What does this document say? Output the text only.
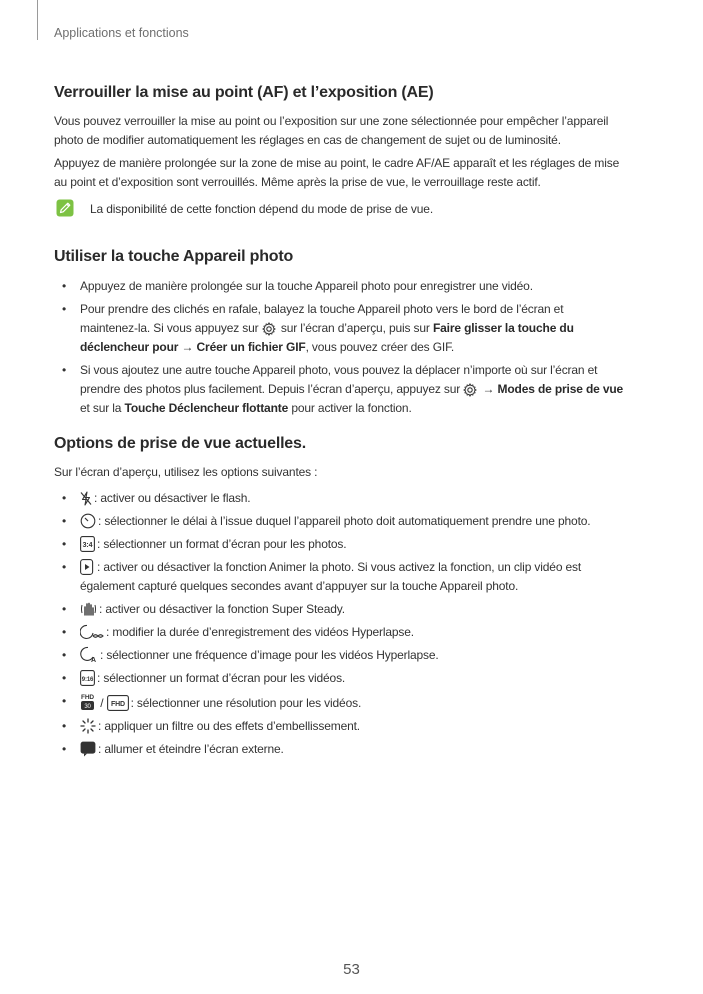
Applications et fonctions
Verrouiller la mise au point (AF) et l’exposition (AE)
Vous pouvez verrouiller la mise au point ou l’exposition sur une zone sélectionnée pour empêcher l’appareil
photo de modifier automatiquement les réglages en cas de changement de sujet ou de luminosité.
Appuyez de manière prolongée sur la zone de mise au point, le cadre AF/AE apparaît et les réglages de mise
au point et d’exposition sont verrouillés. Même après la prise de vue, le verrouillage reste actif.
La disponibilité de cette fonction dépend du mode de prise de vue.
Utiliser la touche Appareil photo
• Appuyez de manière prolongée sur la touche Appareil photo pour enregistrer une vidéo.
• Pour prendre des clichés en rafale, balayez la touche Appareil photo vers le bord de l’écran et
maintenez-la. Si vous appuyez sur sur l’écran d’aperçu, puis sur Faire glisser la touche du
déclencheur pour → Créer un fichier GIF, vous pouvez créer des GIF.
• Si vous ajoutez une autre touche Appareil photo, vous pouvez la déplacer n’importe où sur l’écran et
prendre des photos plus facilement. Depuis l’écran d’aperçu, appuyez sur → Modes de prise de vue
et sur la Touche Déclencheur flottante pour activer la fonction.
Options de prise de vue actuelles.
Sur l’écran d’aperçu, utilisez les options suivantes :
• : activer ou désactiver le flash.
•	: sélectionner le délai à l’issue duquel l’appareil photo doit automatiquement prendre une photo.
• 3:4 : sélectionner un format d’écran pour les photos.
•	: activer ou désactiver la fonction Animer la photo. Si vous activez la fonction, un clip vidéo est
également capturé quelques secondes avant d’appuyer sur la touche Appareil photo.
•	: activer ou désactiver la fonction Super Steady.
•	: modifier la durée d’enregistrement des vidéos Hyperlapse.
•	A : sélectionner une fréquence d’image pour les vidéos Hyperlapse.
•	9:16 : sélectionner un format d’écran pour les vidéos.
• FHD
30 / FHD : sélectionner une résolution pour les vidéos.
•	: appliquer un filtre ou des effets d’embellissement.
•	: allumer et éteindre l’écran externe.
53
